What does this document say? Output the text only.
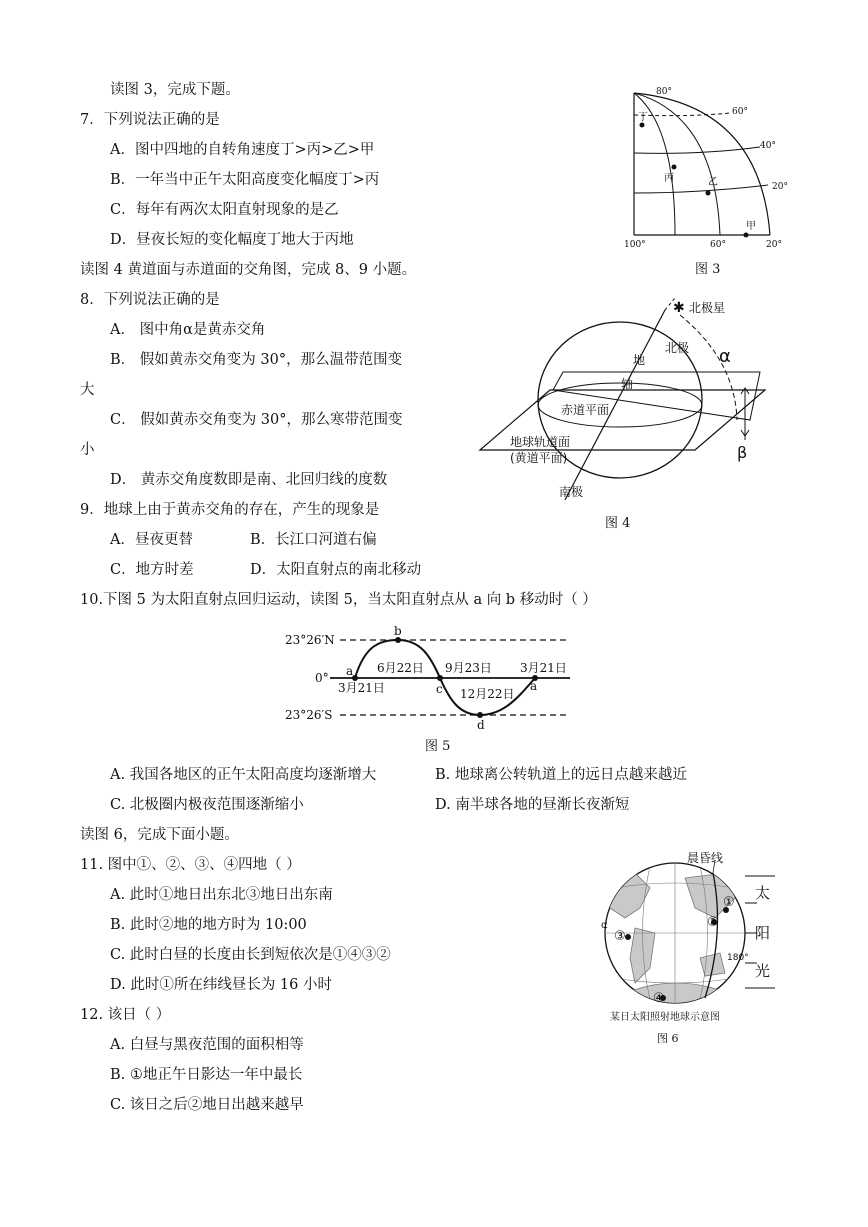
读图 3，完成下题。
7．下列说法正确的是
A．图中四地的自转角速度丁>丙>乙>甲
B．一年当中正午太阳高度变化幅度丁>丙
C．每年有两次太阳直射现象的是乙
D．昼夜长短的变化幅度丁地大于丙地
读图 4 黄道面与赤道面的交角图，完成 8、9 小题。
8．下列说法正确的是
A． 图中角α是黄赤交角
B． 假如黄赤交角变为 30°，那么温带范围变
大
C． 假如黄赤交角变为 30°，那么寒带范围变
小
D． 黄赤交角度数即是南、北回归线的度数
9．地球上由于黄赤交角的存在，产生的现象是
A．昼夜更替	B．长江口河道右偏
C．地方时差	D．太阳直射点的南北移动
10.下图 5 为太阳直射点回归运动，读图 5，当太阳直射点从 a 向 b 移动时（ ）
A. 我国各地区的正午太阳高度均逐渐增大	B. 地球离公转轨道上的远日点越来越近
C. 北极圈内极夜范围逐渐缩小	D. 南半球各地的昼渐长夜渐短
读图 6，完成下面小题。
11. 图中①、②、③、④四地（ ）
A. 此时①地日出东北③地日出东南
B. 此时②地的地方时为 10:00
C. 此时白昼的长度由长到短依次是①④③②
D. 此时①所在纬线昼长为 16 小时
12. 该日（ ）
A. 白昼与黑夜范围的面积相等
B. ①地正午日影达一年中最长
C. 该日之后②地日出越来越早
80°
60°
40°
20°
100°	60°	20°
丁
丙	乙
甲
图 3
✱ 北极星
北极
地
轴
赤道平面
地球轨道面
(黄道平面)
南极
α
β
图 4
23°26′N
0°
23°26′S
a
b
c
d
a
3月21日
6月22日 9月23日 3月21日
12月22日
图 5
晨昏线
太
阳
光
①
②
③
④
α
180°
某日太阳照射地球示意图
图 6
